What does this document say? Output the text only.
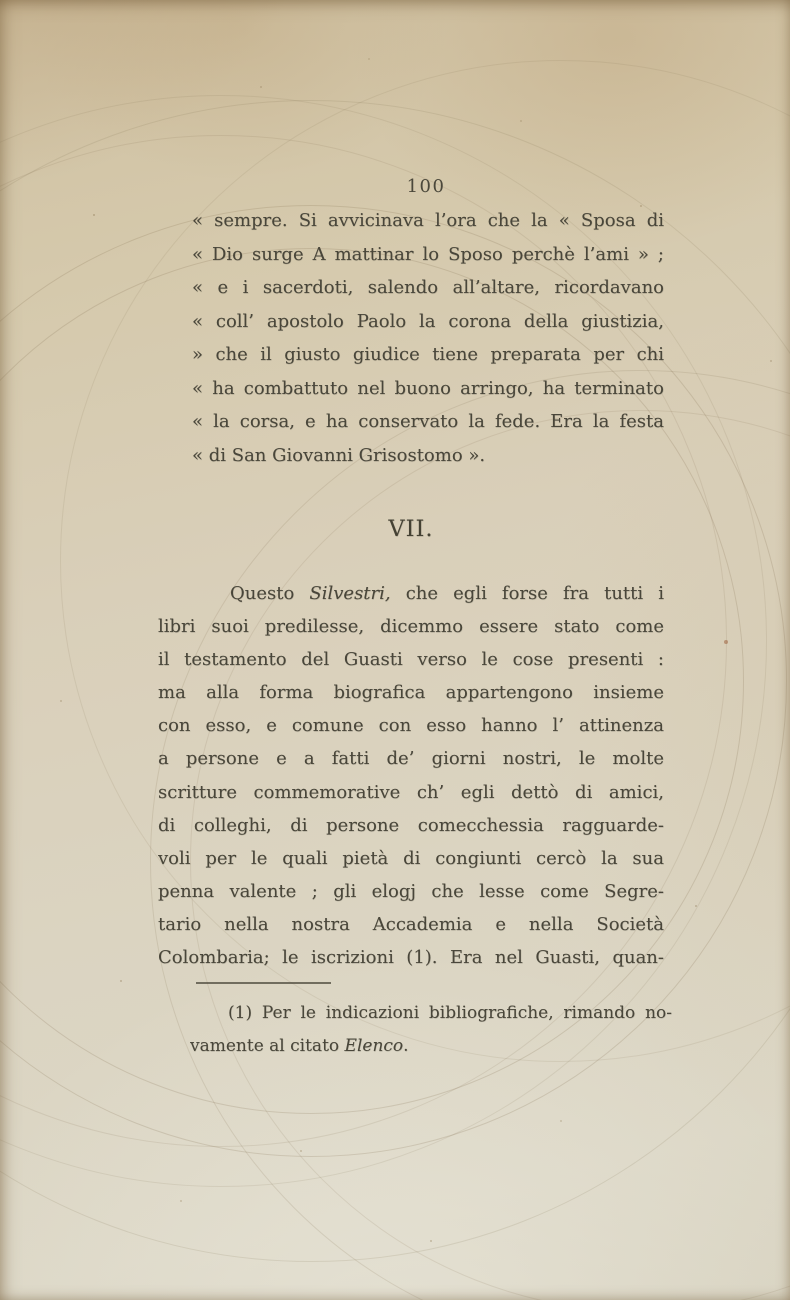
100
« sempre. Si avvicinava l’ora che la « Sposa di
« Dio surge A mattinar lo Sposo perchè l’ami » ;
« e i sacerdoti, salendo all’altare, ricordavano
« coll’ apostolo Paolo la corona della giustizia,
» che il giusto giudice tiene preparata per chi
« ha combattuto nel buono arringo, ha terminato
« la corsa, e ha conservato la fede. Era la festa
« di San Giovanni Grisostomo ».
VII.
Questo Silvestri, che egli forse fra tutti i
libri suoi predilesse, dicemmo essere stato come
il testamento del Guasti verso le cose presenti :
ma alla forma biografica appartengono insieme
con esso, e comune con esso hanno l’ attinenza
a persone e a fatti de’ giorni nostri, le molte
scritture commemorative ch’ egli dettò di amici,
di colleghi, di persone comecchessia ragguarde-
voli per le quali pietà di congiunti cercò la sua
penna valente ; gli elogj che lesse come Segre-
tario nella nostra Accademia e nella Società
Colombaria; le iscrizioni (1). Era nel Guasti, quan-
(1) Per le indicazioni bibliografiche, rimando no-
vamente al citato Elenco.
